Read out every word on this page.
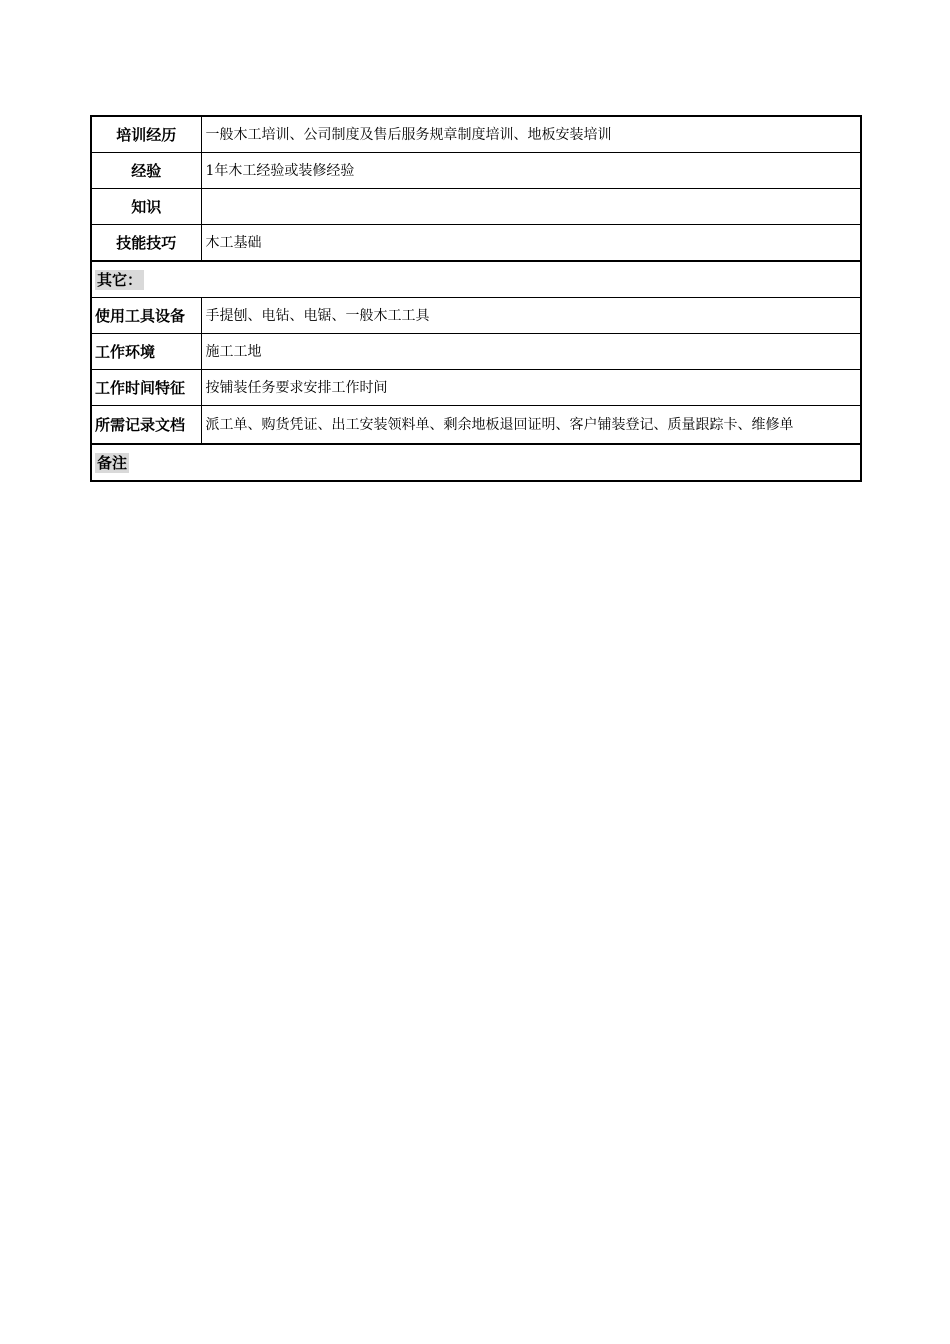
培训经历	一般木工培训、公司制度及售后服务规章制度培训、地板安装培训
经验	1年木工经验或装修经验
知识	
技能技巧	木工基础
其它：	
使用工具设备	手提刨、电钻、电锯、一般木工工具
工作环境	施工工地
工作时间特征	按铺装任务要求安排工作时间
所需记录文档	派工单、购货凭证、出工安装领料单、剩余地板退回证明、客户铺装登记、质量跟踪卡、维修单
备注	
